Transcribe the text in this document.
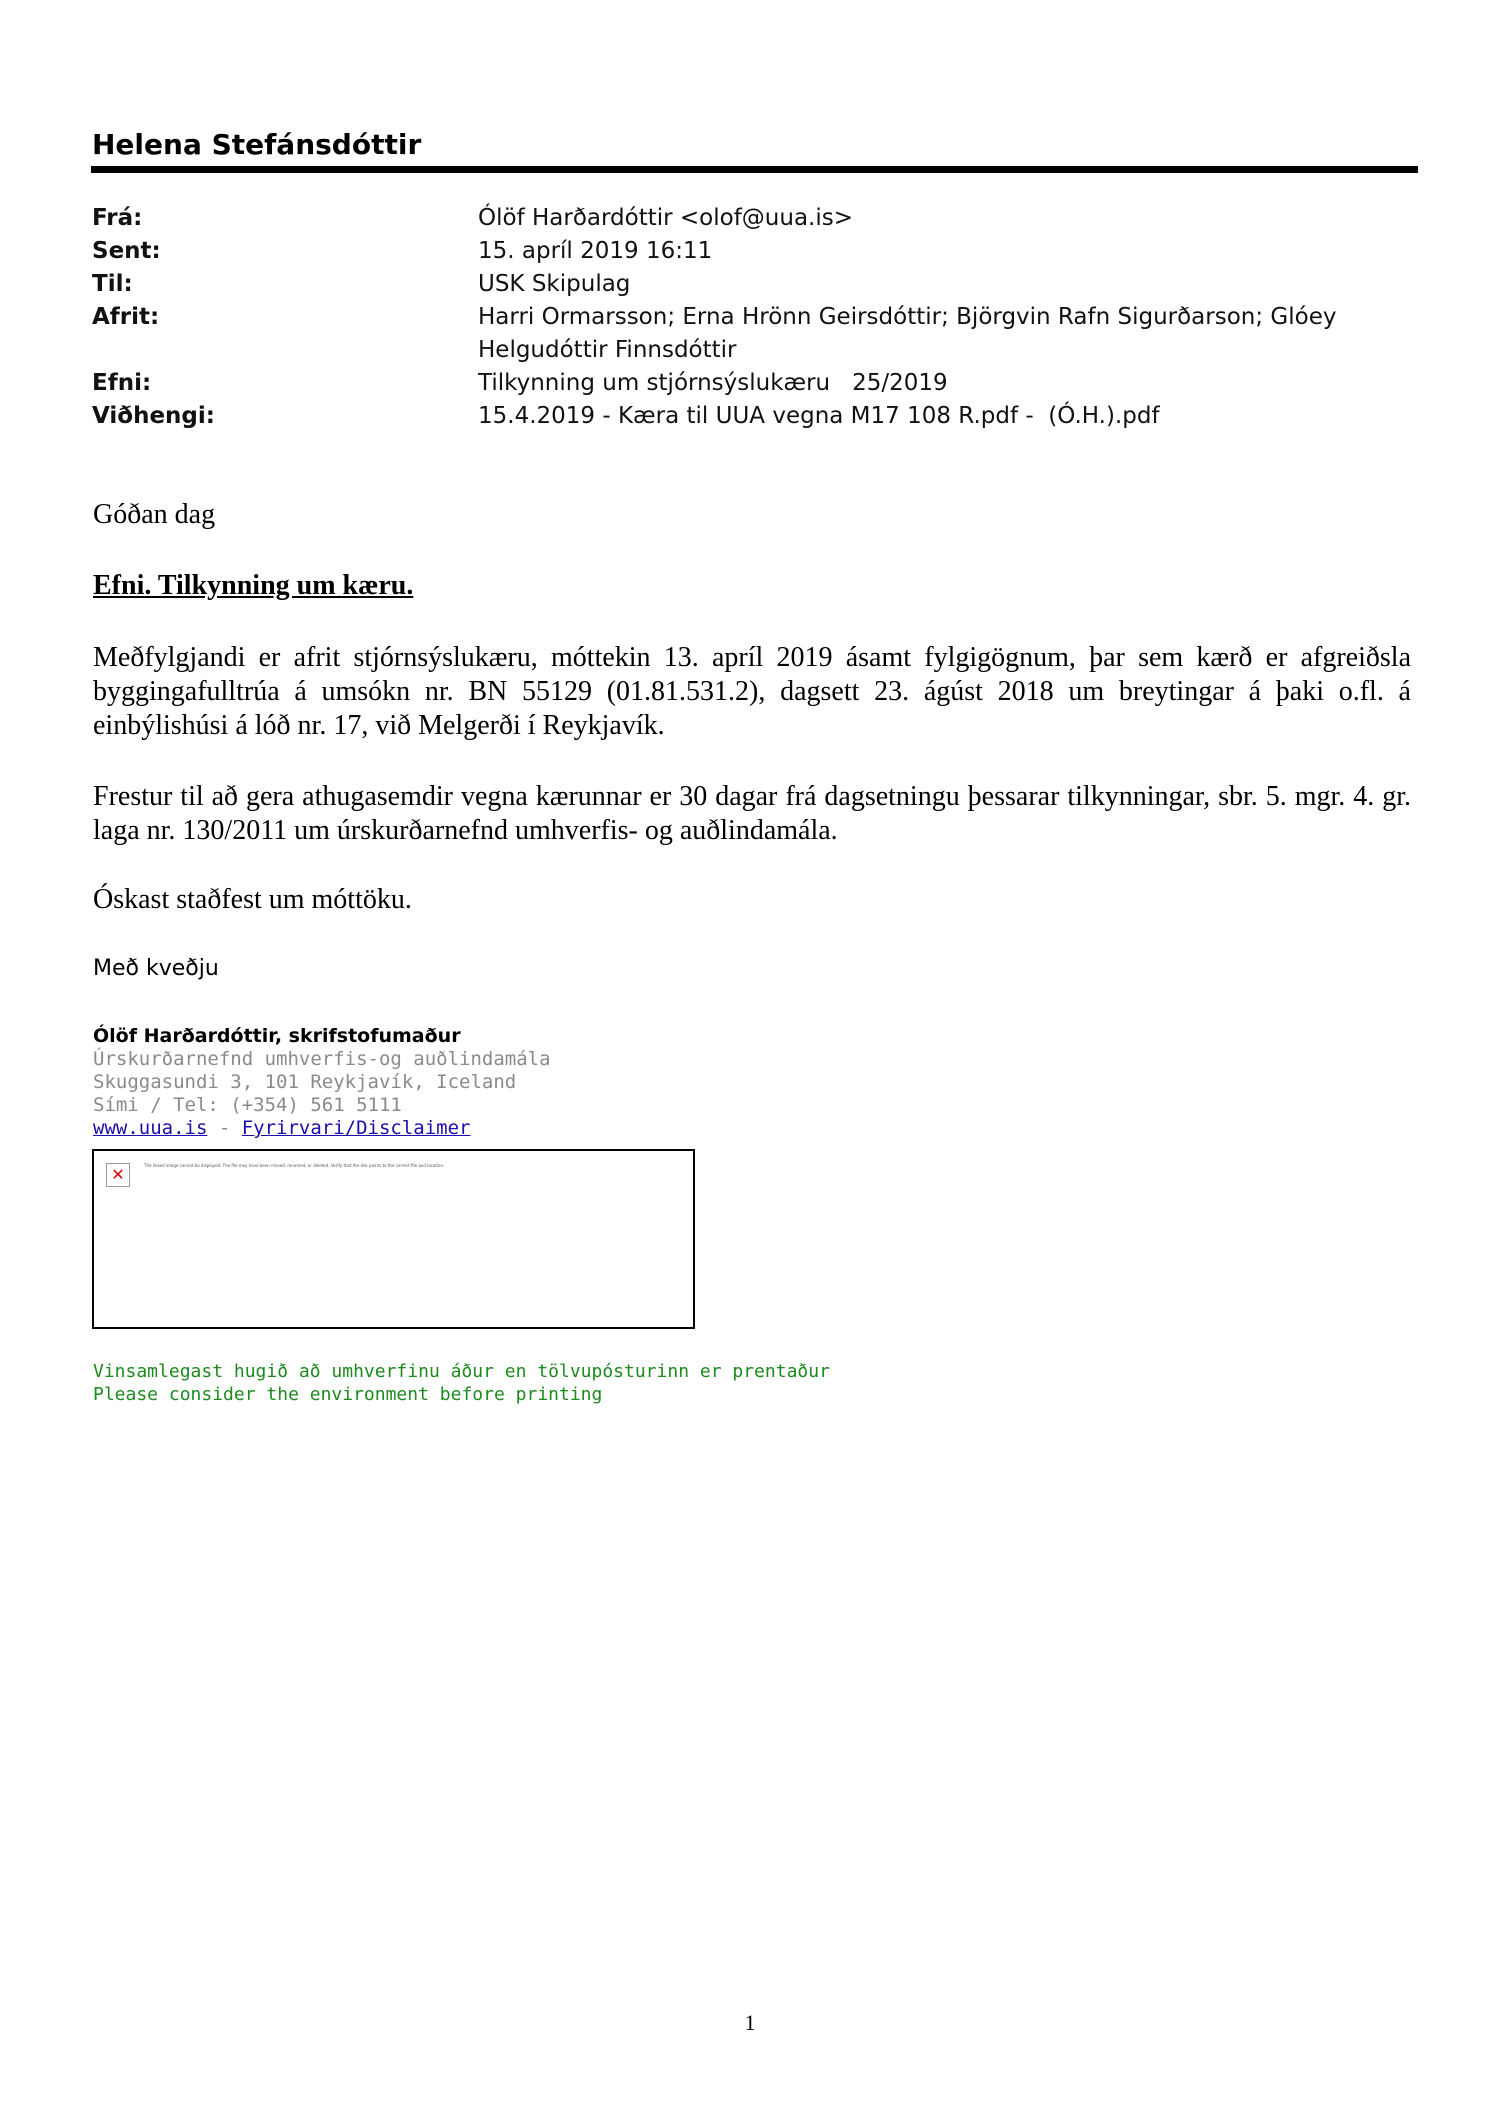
Helena Stefánsdóttir
Frá:	Ólöf Harðardóttir <olof@uua.is>
Sent:	15. apríl 2019 16:11
Til:	USK Skipulag
Afrit:	Harri Ormarsson; Erna Hrönn Geirsdóttir; Björgvin Rafn Sigurðarson; Glóey
Helgudóttir Finnsdóttir
Efni:	Tilkynning um stjórnsýslukæru   25/2019
Viðhengi:	15.4.2019 - Kæra til UUA vegna M17 108 R.pdf -  (Ó.H.).pdf
Góðan dag
Efni. Tilkynning um kæru.
Meðfylgjandi er afrit stjórnsýslukæru, móttekin 13. apríl 2019 ásamt fylgigögnum, þar sem kærð er afgreiðsla byggingafulltrúa á umsókn nr. BN 55129 (01.81.531.2), dagsett 23. ágúst 2018 um breytingar á þaki o.fl. á einbýlishúsi á lóð nr. 17, við Melgerði í Reykjavík.
Frestur til að gera athugasemdir vegna kærunnar er 30 dagar frá dagsetningu þessarar tilkynningar, sbr. 5. mgr. 4. gr. laga nr. 130/2011 um úrskurðarnefnd umhverfis- og auðlindamála.
Óskast staðfest um móttöku.
Með kveðju
Ólöf Harðardóttir, skrifstofumaður
Úrskurðarnefnd umhverfis-og auðlindamála
Skuggasundi 3, 101 Reykjavík, Iceland
Sími / Tel: (+354) 561 5111
www.uua.is - Fyrirvari/Disclaimer
✕	The linked image cannot be displayed. The file may have been moved, renamed, or deleted. Verify that the link points to the correct file and location.
Vinsamlegast hugið að umhverfinu áður en tölvupósturinn er prentaður
Please consider the environment before printing
1
